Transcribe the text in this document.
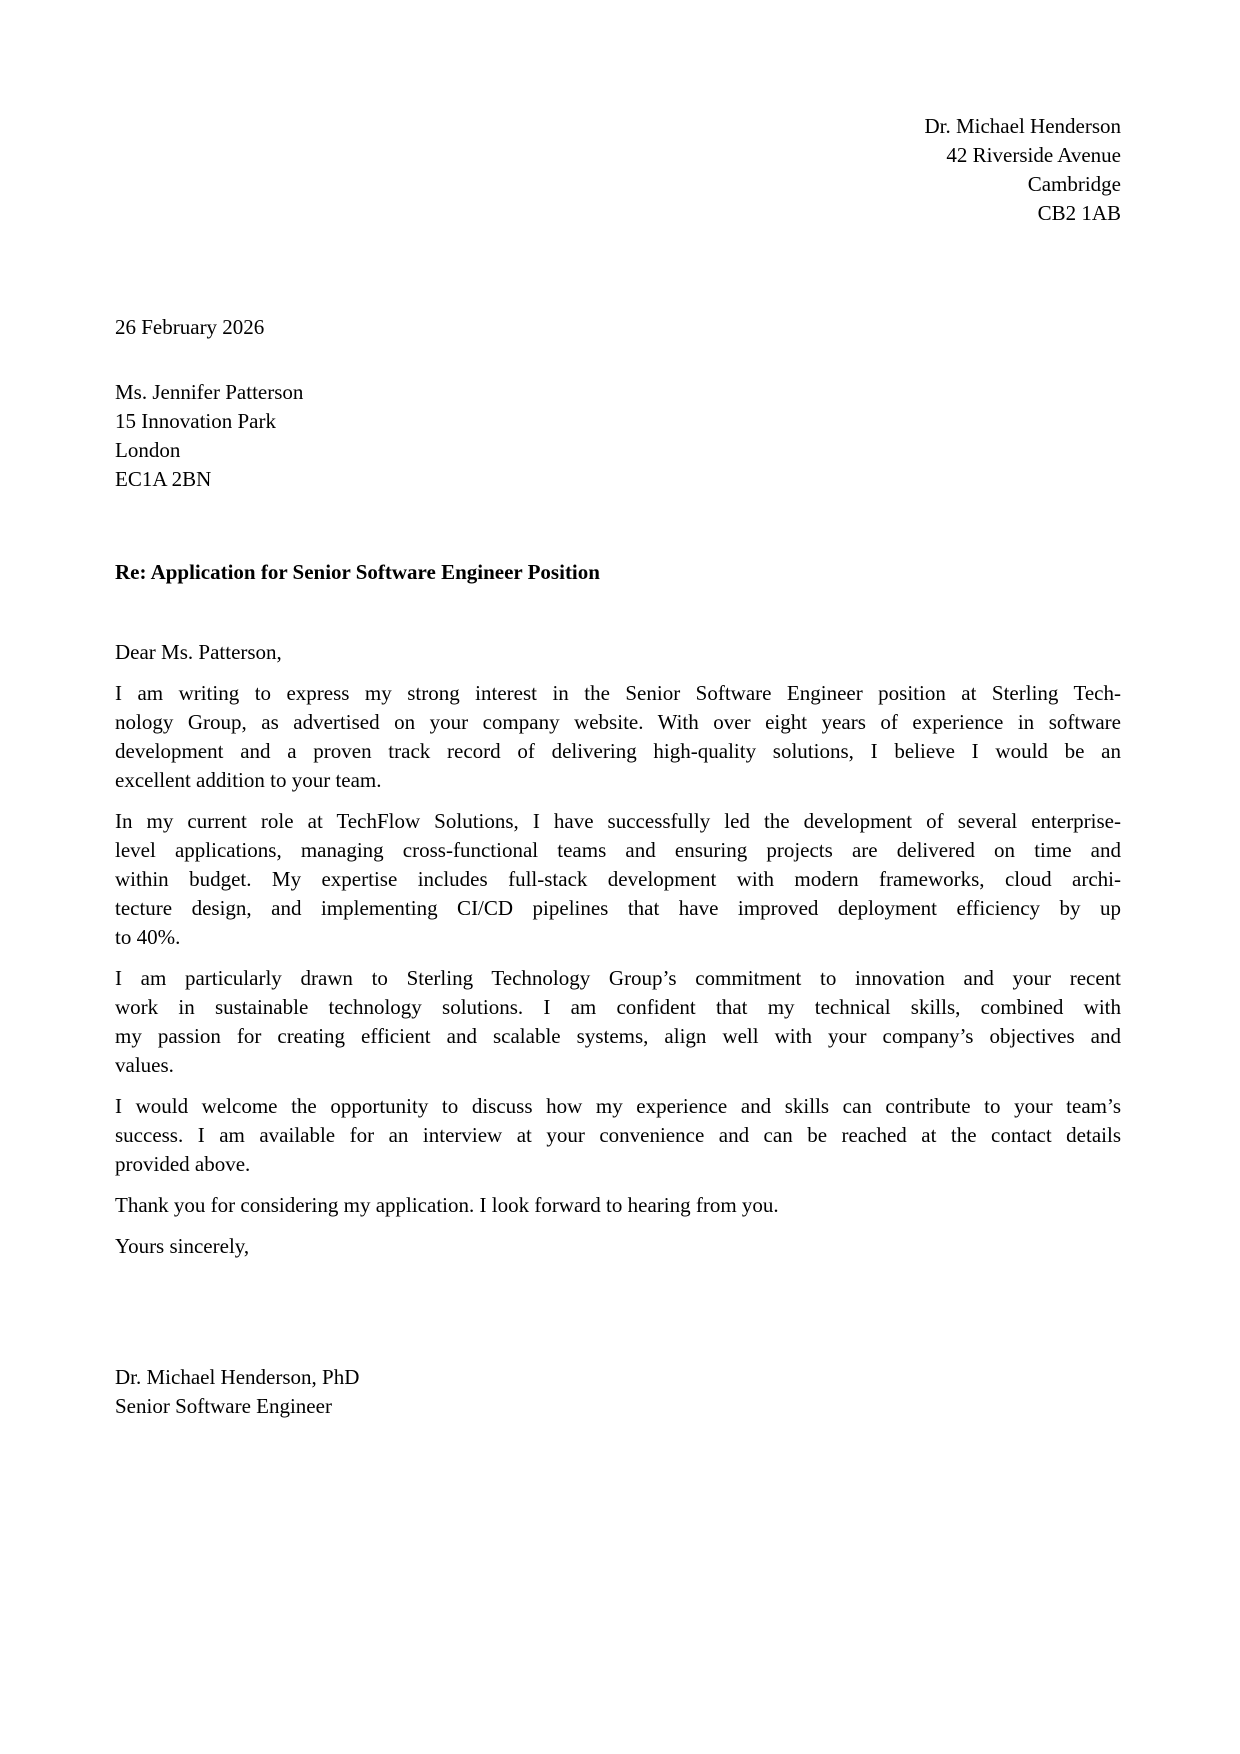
Dr. Michael Henderson
42 Riverside Avenue
Cambridge
CB2 1AB
26 February 2026
Ms. Jennifer Patterson
15 Innovation Park
London
EC1A 2BN
Re: Application for Senior Software Engineer Position
Dear Ms. Patterson,
I am writing to express my strong interest in the Senior Software Engineer position at Sterling Tech-
nology Group, as advertised on your company website. With over eight years of experience in software
development and a proven track record of delivering high-quality solutions, I believe I would be an
excellent addition to your team.
In my current role at TechFlow Solutions, I have successfully led the development of several enterprise-
level applications, managing cross-functional teams and ensuring projects are delivered on time and
within budget. My expertise includes full-stack development with modern frameworks, cloud archi-
tecture design, and implementing CI/CD pipelines that have improved deployment efficiency by up
to 40%.
I am particularly drawn to Sterling Technology Group’s commitment to innovation and your recent
work in sustainable technology solutions. I am confident that my technical skills, combined with
my passion for creating efficient and scalable systems, align well with your company’s objectives and
values.
I would welcome the opportunity to discuss how my experience and skills can contribute to your team’s
success. I am available for an interview at your convenience and can be reached at the contact details
provided above.
Thank you for considering my application. I look forward to hearing from you.
Yours sincerely,
Dr. Michael Henderson, PhD
Senior Software Engineer
